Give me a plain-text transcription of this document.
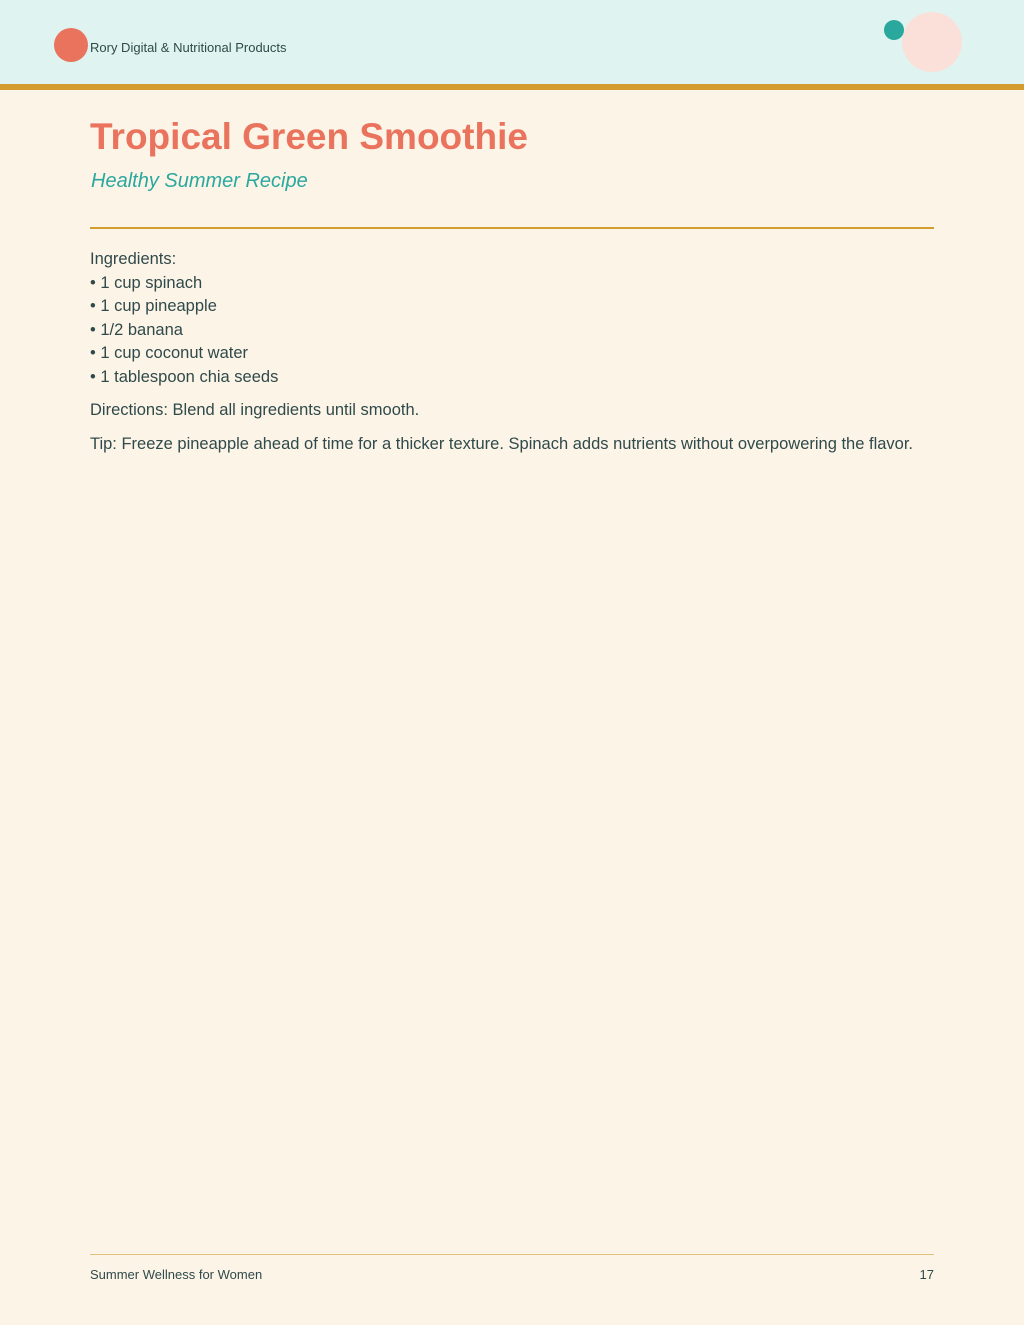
Rory Digital & Nutritional Products
Tropical Green Smoothie
Healthy Summer Recipe

Ingredients:

• 1 cup spinach
• 1 cup pineapple
• 1/2 banana
• 1 cup coconut water
• 1 tablespoon chia seeds

Directions: Blend all ingredients until smooth.

Tip: Freeze pineapple ahead of time for a thicker texture. Spinach adds nutrients without overpowering the flavor.

Summer Wellness for Women	17
